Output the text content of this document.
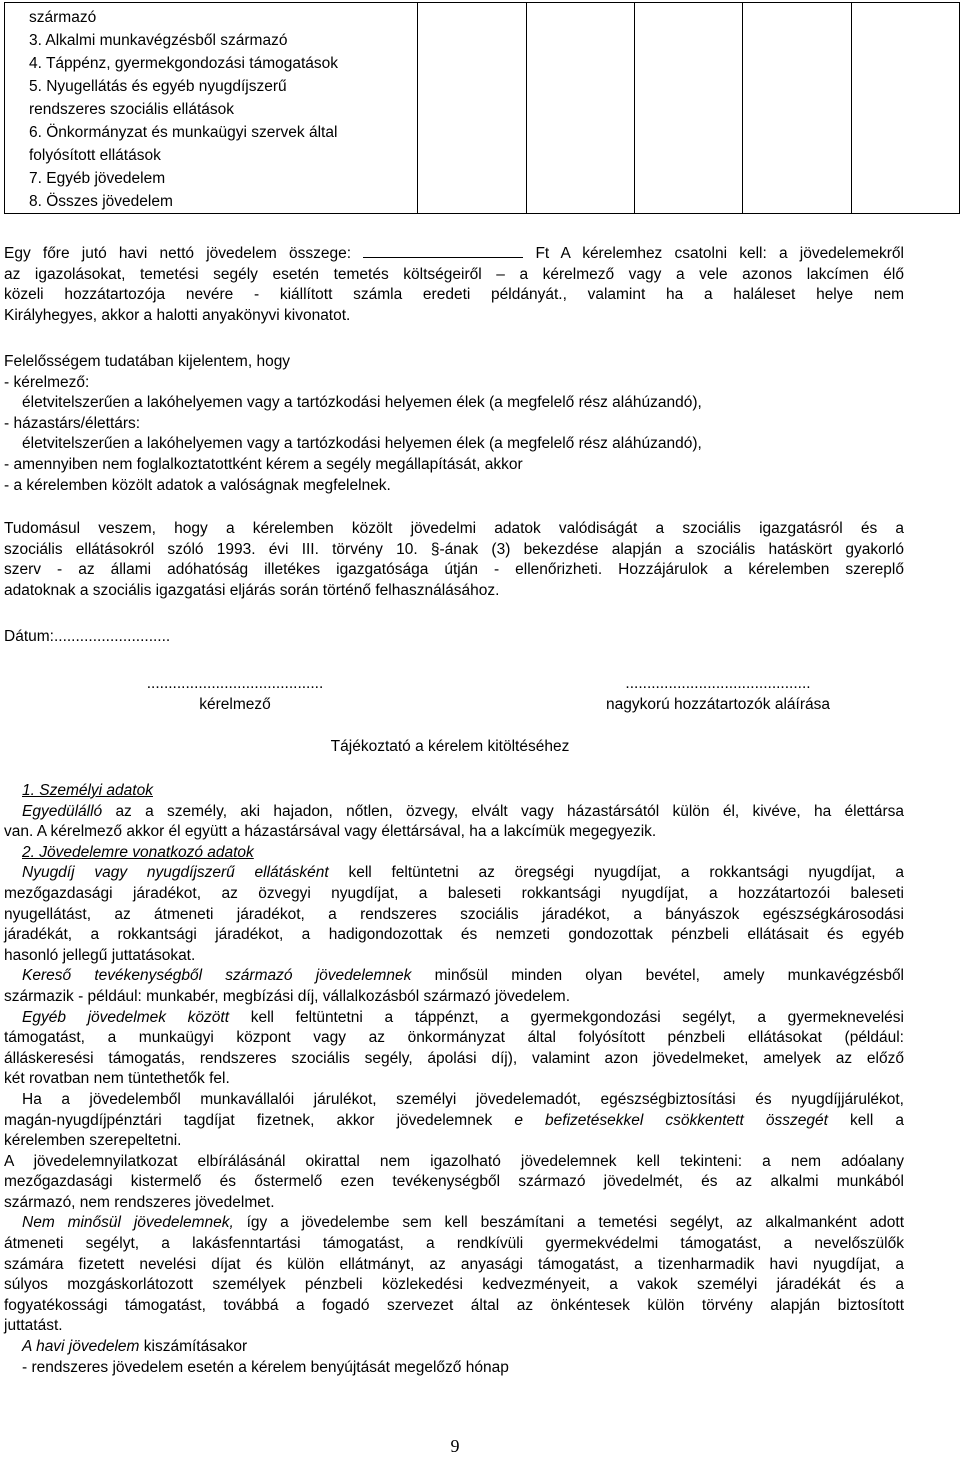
származó
3. Alkalmi munkavégzésből származó
4. Táppénz, gyermekgondozási támogatások
5. Nyugellátás és egyéb nyugdíjszerű
rendszeres szociális ellátások
6. Önkormányzat és munkaügyi szervek által
folyósított ellátások
7. Egyéb jövedelem
8. Összes jövedelem

Egy főre jutó havi nettó jövedelem összege:	Ft A kérelemhez csatolni kell: a jövedelemekről
az igazolásokat, temetési segély esetén temetés költségeiről – a kérelmező vagy a vele azonos lakcímen élő
közeli hozzátartozója nevére - kiállított számla eredeti példányát., valamint ha a haláleset helye nem
Királyhegyes, akkor a halotti anyakönyvi kivonatot.
Felelősségem tudatában kijelentem, hogy
- kérelmező:
életvitelszerűen a lakóhelyemen vagy a tartózkodási helyemen élek (a megfelelő rész aláhúzandó),
- házastárs/élettárs:
életvitelszerűen a lakóhelyemen vagy a tartózkodási helyemen élek (a megfelelő rész aláhúzandó),
- amennyiben nem foglalkoztatottként kérem a segély megállapítását, akkor
- a kérelemben közölt adatok a valóságnak megfelelnek.
Tudomásul veszem, hogy a kérelemben közölt jövedelmi adatok valódiságát a szociális igazgatásról és a
szociális ellátásokról szóló 1993. évi III. törvény 10. §-ának (3) bekezdése alapján a szociális hatáskört gyakorló
szerv - az állami adóhatóság illetékes igazgatósága útján - ellenőrizheti. Hozzájárulok a kérelemben szereplő
adatoknak a szociális igazgatási eljárás során történő felhasználásához.
Dátum:...........................
.........................................
kérelmező
...........................................
nagykorú hozzátartozók aláírása
Tájékoztató a kérelem kitöltéséhez
1. Személyi adatok
Egyedülálló az a személy, aki hajadon, nőtlen, özvegy, elvált vagy házastársától külön él, kivéve, ha élettársa
van. A kérelmező akkor él együtt a házastársával vagy élettársával, ha a lakcímük megegyezik.
2. Jövedelemre vonatkozó adatok
Nyugdíj vagy nyugdíjszerű ellátásként kell feltüntetni az öregségi nyugdíjat, a rokkantsági nyugdíjat, a
mezőgazdasági járadékot, az özvegyi nyugdíjat, a baleseti rokkantsági nyugdíjat, a hozzátartozói baleseti
nyugellátást, az átmeneti járadékot, a rendszeres szociális járadékot, a bányászok egészségkárosodási
járadékát, a rokkantsági járadékot, a hadigondozottak és nemzeti gondozottak pénzbeli ellátásait és egyéb
hasonló jellegű juttatásokat.
Kereső tevékenységből származó jövedelemnek minősül minden olyan bevétel, amely munkavégzésből
származik - például: munkabér, megbízási díj, vállalkozásból származó jövedelem.
Egyéb jövedelmek között kell feltüntetni a táppénzt, a gyermekgondozási segélyt, a gyermeknevelési
támogatást, a munkaügyi központ vagy az önkormányzat által folyósított pénzbeli ellátásokat (például:
álláskeresési támogatás, rendszeres szociális segély, ápolási díj), valamint azon jövedelmeket, amelyek az előző
két rovatban nem tüntethetők fel.
Ha a jövedelemből munkavállalói járulékot, személyi jövedelemadót, egészségbiztosítási és nyugdíjjárulékot,
magán-nyugdíjpénztári tagdíjat fizetnek, akkor jövedelemnek e befizetésekkel csökkentett összegét kell a
kérelemben szerepeltetni.
A jövedelemnyilatkozat elbírálásánál okirattal nem igazolható jövedelemnek kell tekinteni: a nem adóalany
mezőgazdasági kistermelő és őstermelő ezen tevékenységből származó jövedelmét, és az alkalmi munkából
származó, nem rendszeres jövedelmet.
Nem minősül jövedelemnek, így a jövedelembe sem kell beszámítani a temetési segélyt, az alkalmanként adott
átmeneti segélyt, a lakásfenntartási támogatást, a rendkívüli gyermekvédelmi támogatást, a nevelőszülők
számára fizetett nevelési díjat és külön ellátmányt, az anyasági támogatást, a tizenharmadik havi nyugdíjat, a
súlyos mozgáskorlátozott személyek pénzbeli közlekedési kedvezményeit, a vakok személyi járadékát és a
fogyatékossági támogatást, továbbá a fogadó szervezet által az önkéntesek külön törvény alapján biztosított
juttatást.
A havi jövedelem kiszámításakor
- rendszeres jövedelem esetén a kérelem benyújtását megelőző hónap
9
